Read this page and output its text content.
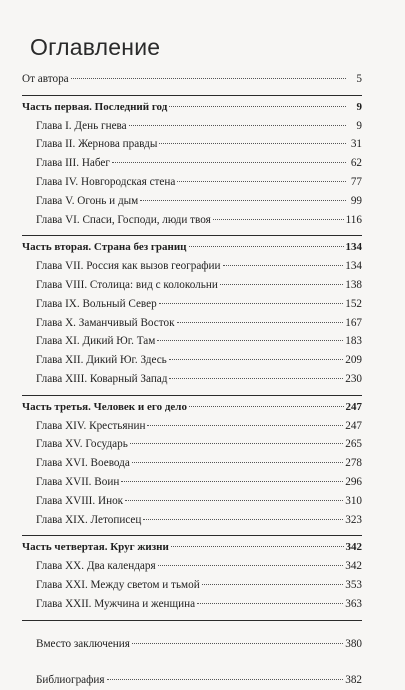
Оглавление
От автора	5
Часть первая. Последний год	9
Глава I. День гнева	9
Глава II. Жернова правды	31
Глава III. Набег	62
Глава IV. Новгородская стена	77
Глава V. Огонь и дым	99
Глава VI. Спаси, Господи, люди твоя	116
Часть вторая. Страна без границ	134
Глава VII. Россия как вызов географии	134
Глава VIII. Столица: вид с колокольни	138
Глава IX. Вольный Север	152
Глава X. Заманчивый Восток	167
Глава XI. Дикий Юг. Там	183
Глава XII. Дикий Юг. Здесь	209
Глава XIII. Коварный Запад	230
Часть третья. Человек и его дело	247
Глава XIV. Крестьянин	247
Глава XV. Государь	265
Глава XVI. Воевода	278
Глава XVII. Воин	296
Глава XVIII. Инок	310
Глава XIX. Летописец	323
Часть четвертая. Круг жизни	342
Глава XX. Два календаря	342
Глава XXI. Между светом и тьмой	353
Глава XXII. Мужчина и женщина	363
Вместо заключения	380
Библиография	382
